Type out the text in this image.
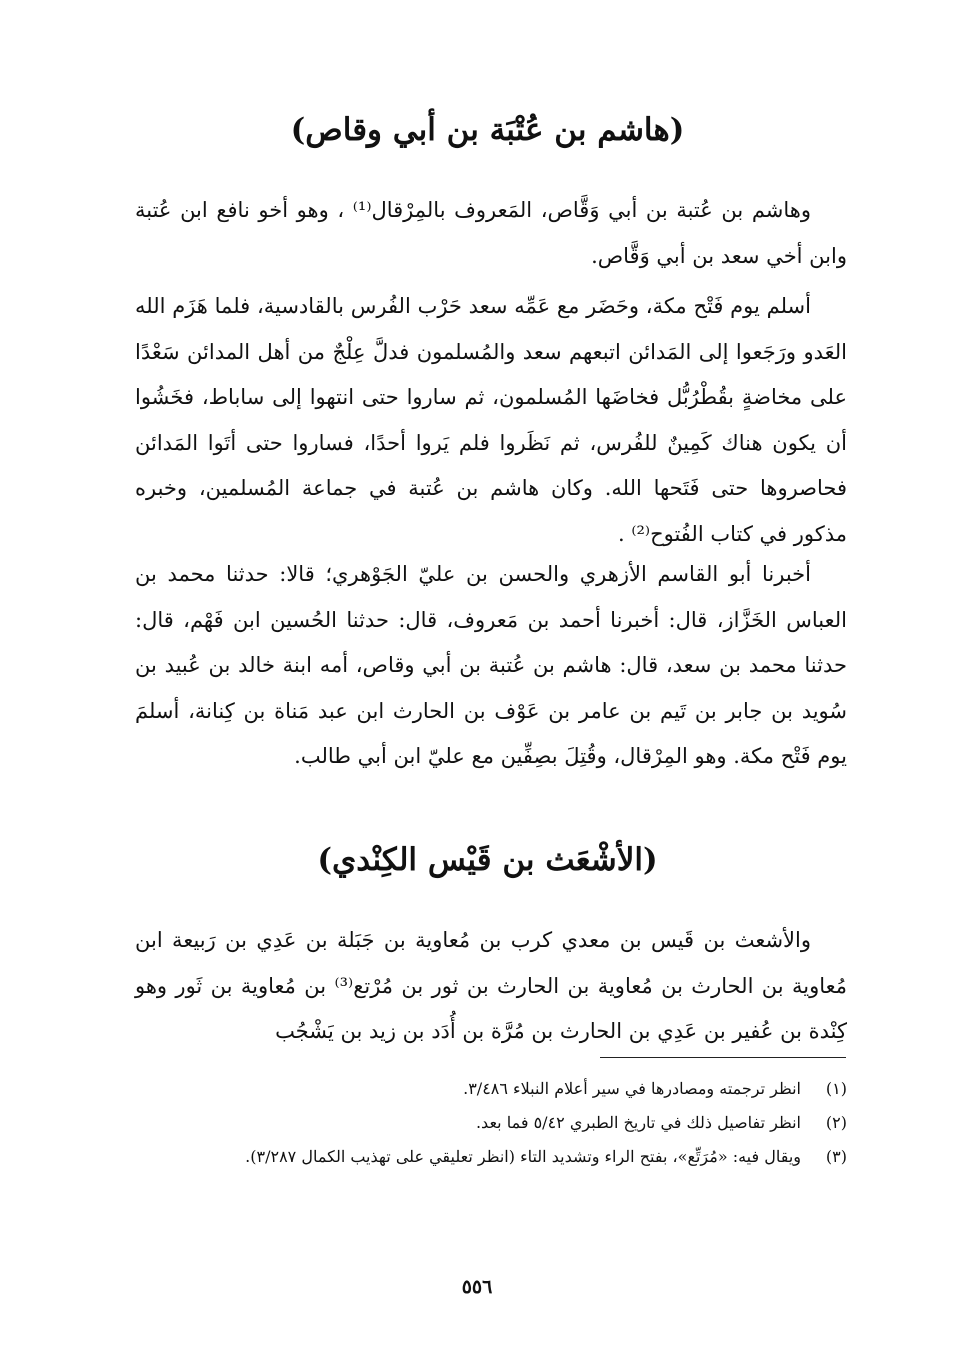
(هاشم بن عُتْبَة بن أبي وقاص)

وهاشم بن عُتبة بن أبي وَقَّاص، المَعروف بالمِرْقال⁽¹⁾ ، وهو أخو نافع ابن عُتبة وابن أخي سعد بن أبي وَقَّاص.

أسلم يوم فَتْح مكة، وحَضَر مع عَمِّه سعد حَرْب الفُرس بالقادسية، فلما هَزَم الله العَدو ورَجَعوا إلى المَدائن اتبعهم سعد والمُسلمون فدلَّ عِلْجٌ من أهل المدائن سَعْدًا على مخاضةٍ بقُطْرُبُّل فخاضَها المُسلمون، ثم ساروا حتى انتهوا إلى ساباط، فخَشُوا أن يكون هناك كَمِينٌ للفُرس، ثم نَظَروا فلم يَروا أحدًا، فساروا حتى أتَوا المَدائن فحاصروها حتى فَتَحها الله. وكان هاشم بن عُتبة في جماعة المُسلمين، وخبره مذكور في كتاب الفُتوح⁽²⁾ .

أخبرنا أبو القاسم الأزهري والحسن بن عليّ الجَوْهري؛ قالا: حدثنا محمد بن العباس الخَزَّاز، قال: أخبرنا أحمد بن مَعروف، قال: حدثنا الحُسين ابن فَهْم، قال: حدثنا محمد بن سعد، قال: هاشم بن عُتبة بن أبي وقاص، أمه ابنة خالد بن عُبيد بن سُويد بن جابر بن تَيم بن عامر بن عَوْف بن الحارث ابن عبد مَناة بن كِنانة، أسلمَ يوم فَتْح مكة. وهو المِرْقال، وقُتِلَ بصِفِّين مع عليّ ابن أبي طالب.

(الأشْعَث بن قَيْس الكِنْدي)

والأشعث بن قَيس بن معدي كرب بن مُعاوية بن جَبَلة بن عَدِي بن رَبيعة ابن مُعاوية بن الحارث بن مُعاوية بن الحارث بن ثور بن مُرْتع⁽³⁾ بن مُعاوية بن ثَور وهو كِنْدة بن عُفير بن عَدِي بن الحارث بن مُرَّة بن أُدَد بن زيد بن يَشْجُب

(١)
انظر ترجمته ومصادرها في سير أعلام النبلاء ٣/٤٨٦.
(٢)
انظر تفاصيل ذلك في تاريخ الطبري ٥/٤٢ فما بعد.
(٣)
ويقال فيه: «مُرَتِّع»، بفتح الراء وتشديد التاء (انظر تعليقي على تهذيب الكمال ٣/٢٨٧).
٥٥٦
